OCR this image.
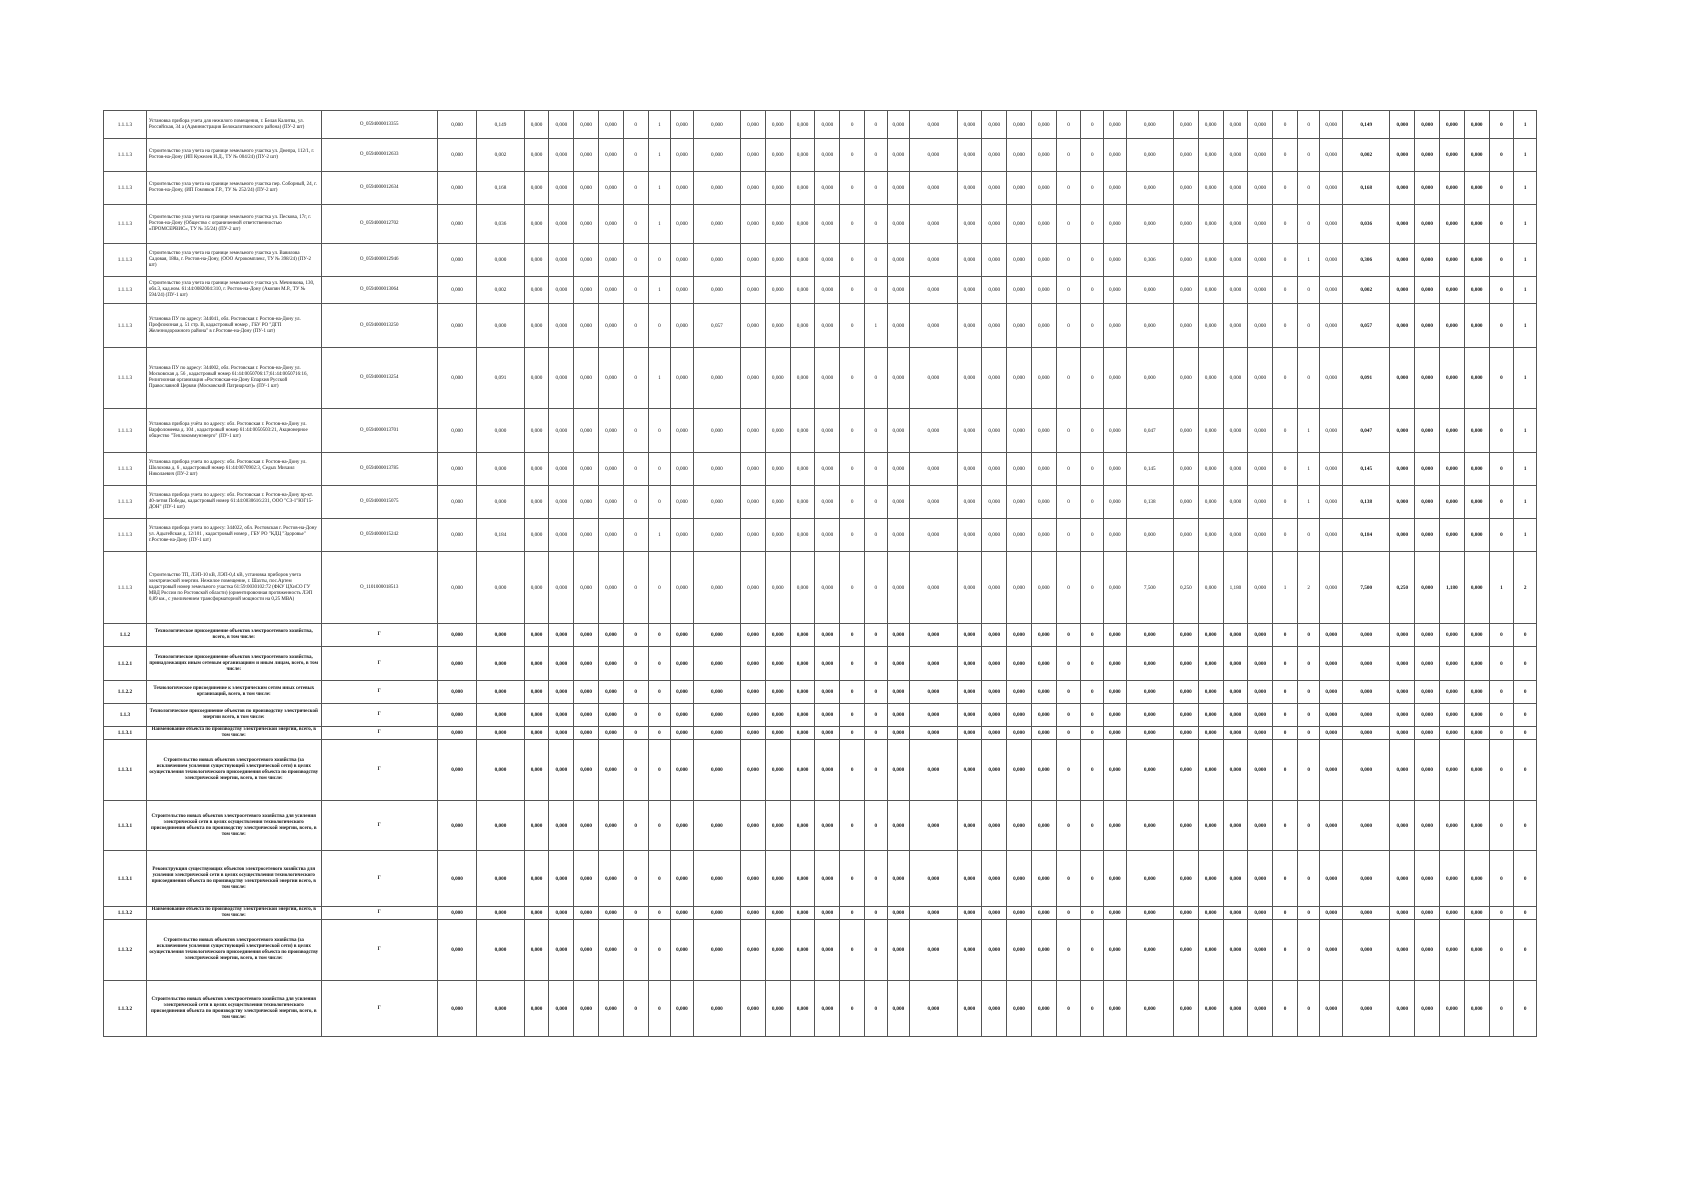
1.1.1.3	Установка прибора учета для нежилого помещения, г. Белая Калитва, ул. Российская, 34 а (Администрация Белокалитвинского района) (ПУ-2 шт)	O_0594000013355	0,000	0,149	0,000	0,000	0,000	0,000	0	1	0,000	0,000	0,000	0,000	0,000	0,000	0	0	0,000	0,000	0,000	0,000	0,000	0,000	0	0	0,000	0,000	0,000	0,000	0,000	0,000	0	0	0,000	0,149	0,000	0,000	0,000	0,000	0	1
1.1.1.3	Строительство узла учета на границе земельного участка ул. Днепра, 112/1, г. Ростов-на-Дону (ИП Кужелев И.Д., ТУ № 004/24) (ПУ-2 шт)	O_0594000012633	0,000	0,002	0,000	0,000	0,000	0,000	0	1	0,000	0,000	0,000	0,000	0,000	0,000	0	0	0,000	0,000	0,000	0,000	0,000	0,000	0	0	0,000	0,000	0,000	0,000	0,000	0,000	0	0	0,000	0,002	0,000	0,000	0,000	0,000	0	1
1.1.1.3	Строительство узла учета на границе земельного участка пер. Соборный, 24, г. Ростов-на-Дону, (ИП Гомзяков Г.Р., ТУ № 252/24) (ПУ-2 шт)	O_0594000012634	0,000	0,168	0,000	0,000	0,000	0,000	0	1	0,000	0,000	0,000	0,000	0,000	0,000	0	0	0,000	0,000	0,000	0,000	0,000	0,000	0	0	0,000	0,000	0,000	0,000	0,000	0,000	0	0	0,000	0,168	0,000	0,000	0,000	0,000	0	1
1.1.1.3	Строительство узла учета на границе земельного участка ул. Пескова, 17г, г. Ростов-на-Дону (Общество с ограниченной ответственностью «ПРОМСЕРВИС», ТУ № 35/24) (ПУ-2 шт)	O_0594000012702	0,000	0,036	0,000	0,000	0,000	0,000	0	1	0,000	0,000	0,000	0,000	0,000	0,000	0	0	0,000	0,000	0,000	0,000	0,000	0,000	0	0	0,000	0,000	0,000	0,000	0,000	0,000	0	0	0,000	0,036	0,000	0,000	0,000	0,000	0	1
1.1.1.3	Строительство узла учета на границе земельного участка ул. Вавилова Садовая, 188а, г. Ростов-на-Дону, (ООО Агрокомплекс, ТУ № 398/24) (ПУ-2 шт)	O_0594000012946	0,000	0,000	0,000	0,000	0,000	0,000	0	0	0,000	0,000	0,000	0,000	0,000	0,000	0	0	0,000	0,000	0,000	0,000	0,000	0,000	0	0	0,000	0,306	0,000	0,000	0,000	0,000	0	1	0,000	0,306	0,000	0,000	0,000	0,000	0	1
1.1.1.3	Строительство узла учета на границе земельного участка ул. Мечникова, 130, обл.3, кад.ном. 61:44:0082004:310, г. Ростов-на-Дону (Акопян М.Р., ТУ № 594/24) (ПУ-1 шт)	O_0594000013064	0,000	0,002	0,000	0,000	0,000	0,000	0	1	0,000	0,000	0,000	0,000	0,000	0,000	0	0	0,000	0,000	0,000	0,000	0,000	0,000	0	0	0,000	0,000	0,000	0,000	0,000	0,000	0	0	0,000	0,002	0,000	0,000	0,000	0,000	0	1
1.1.1.3	Установка ПУ по адресу: 344041, обл. Ростовская г. Ростов-на-Дону ул. Профсоюзная д. 51 стр. В, кадастровый номер , ГБУ РО "ДГП Железнодорожного района" в г.Ростове-на-Дону (ПУ-1 шт)	O_0594000013250	0,000	0,000	0,000	0,000	0,000	0,000	0	0	0,000	0,057	0,000	0,000	0,000	0,000	0	1	0,000	0,000	0,000	0,000	0,000	0,000	0	0	0,000	0,000	0,000	0,000	0,000	0,000	0	0	0,000	0,057	0,000	0,000	0,000	0,000	0	1
1.1.1.3	Установка ПУ по адресу: 344002, обл. Ростовская г. Ростов-на-Дону ул. Московская д. 56 , кадастровый номер 61:44:0050706:17;61:44:0050716:16, Религиозная организация «Ростовская-на-Дону Епархия Русской Православной Церкви (Московский Патриархат)» (ПУ-1 шт)	O_0594000013254	0,000	0,091	0,000	0,000	0,000	0,000	0	1	0,000	0,000	0,000	0,000	0,000	0,000	0	0	0,000	0,000	0,000	0,000	0,000	0,000	0	0	0,000	0,000	0,000	0,000	0,000	0,000	0	0	0,000	0,091	0,000	0,000	0,000	0,000	0	1
1.1.1.3	Установка прибора учёта по адресу: обл. Ростовская г. Ростов-на-Дону ул. Варфоломеева д. 104 , кадастровый номер 61:44:0050503:21, Акционерное общество "Теплокоммунэнерго" (ПУ-1 шт)	O_0594000013701	0,000	0,000	0,000	0,000	0,000	0,000	0	0	0,000	0,000	0,000	0,000	0,000	0,000	0	0	0,000	0,000	0,000	0,000	0,000	0,000	0	0	0,000	0,047	0,000	0,000	0,000	0,000	0	1	0,000	0,047	0,000	0,000	0,000	0,000	0	1
1.1.1.3	Установка прибора учета по адресу: обл. Ростовская г. Ростов-на-Дону ул. Шолохова д. 6 , кадастровый номер 61:44:0070902:3, Седых Михаил Николаевич (ПУ-2 шт)	O_0594000013785	0,000	0,000	0,000	0,000	0,000	0,000	0	0	0,000	0,000	0,000	0,000	0,000	0,000	0	0	0,000	0,000	0,000	0,000	0,000	0,000	0	0	0,000	0,145	0,000	0,000	0,000	0,000	0	1	0,000	0,145	0,000	0,000	0,000	0,000	0	1
1.1.1.3	Установка прибора учета по адресу: обл. Ростовская г. Ростов-на-Дону пр-кт. 40-летия Победы, кадастровый номер 61:44:0030616:231, ООО "СЗ-1"ЮГ15-ДОН" (ПУ-1 шт)	O_0594000015075	0,000	0,000	0,000	0,000	0,000	0,000	0	0	0,000	0,000	0,000	0,000	0,000	0,000	0	0	0,000	0,000	0,000	0,000	0,000	0,000	0	0	0,000	0,138	0,000	0,000	0,000	0,000	0	1	0,000	0,138	0,000	0,000	0,000	0,000	0	1
1.1.1.3	Установка прибора учета по адресу: 344022, обл. Ростовская г. Ростов-на-Дону ул. Адыгейская д. 12/101 , кадастровый номер , ГБУ РО "КДЦ "Здоровье" г.Ростове-на-Дону (ПУ-1 шт)	O_0594000015242	0,000	0,184	0,000	0,000	0,000	0,000	0	1	0,000	0,000	0,000	0,000	0,000	0,000	0	0	0,000	0,000	0,000	0,000	0,000	0,000	0	0	0,000	0,000	0,000	0,000	0,000	0,000	0	0	0,000	0,184	0,000	0,000	0,000	0,000	0	1
1.1.1.3	Строительство ТП, ЛЭП-10 кВ, ЛЭП-0,4 кВ, установка приборов учета электрической энергии. Нежилое помещение, г. Шахты, пос.Артем кадастровый номер земельного участка 61:59:0030102:72 (ФКУ ЦХиСО ГУ МВД России по Ростовской области) (ориентировочная протяженность ЛЭП 0,89 км., с увеличением трансформаторной мощности на 0,25 МВА)	O_1101000018513	0,000	0,000	0,000	0,000	0,000	0,000	0	0	0,000	0,000	0,000	0,000	0,000	0,000	0	0	0,000	0,000	0,000	0,000	0,000	0,000	0	0	0,000	7,500	0,250	0,000	1,180	0,000	1	2	0,000	7,500	0,250	0,000	1,180	0,000	1	2
1.1.2	Технологическое присоединение объектов электросетевого хозяйства, всего, в том числе:	Г	0,000	0,000	0,000	0,000	0,000	0,000	0	0	0,000	0,000	0,000	0,000	0,000	0,000	0	0	0,000	0,000	0,000	0,000	0,000	0,000	0	0	0,000	0,000	0,000	0,000	0,000	0,000	0	0	0,000	0,000	0,000	0,000	0,000	0,000	0	0
1.1.2.1	Технологическое присоединение объектов электросетевого хозяйства, принадлежащих иным сетевым организациям и иным лицам, всего, в том числе:	Г	0,000	0,000	0,000	0,000	0,000	0,000	0	0	0,000	0,000	0,000	0,000	0,000	0,000	0	0	0,000	0,000	0,000	0,000	0,000	0,000	0	0	0,000	0,000	0,000	0,000	0,000	0,000	0	0	0,000	0,000	0,000	0,000	0,000	0,000	0	0
1.1.2.2	Технологическое присоединение к электрическим сетям иных сетевых организаций, всего, в том числе:	Г	0,000	0,000	0,000	0,000	0,000	0,000	0	0	0,000	0,000	0,000	0,000	0,000	0,000	0	0	0,000	0,000	0,000	0,000	0,000	0,000	0	0	0,000	0,000	0,000	0,000	0,000	0,000	0	0	0,000	0,000	0,000	0,000	0,000	0,000	0	0
1.1.3	Технологическое присоединение объектов по производству электрической энергии всего, в том числе:	Г	0,000	0,000	0,000	0,000	0,000	0,000	0	0	0,000	0,000	0,000	0,000	0,000	0,000	0	0	0,000	0,000	0,000	0,000	0,000	0,000	0	0	0,000	0,000	0,000	0,000	0,000	0,000	0	0	0,000	0,000	0,000	0,000	0,000	0,000	0	0
1.1.3.1	Наименование объекта по производству электрической энергии, всего, в том числе:	Г	0,000	0,000	0,000	0,000	0,000	0,000	0	0	0,000	0,000	0,000	0,000	0,000	0,000	0	0	0,000	0,000	0,000	0,000	0,000	0,000	0	0	0,000	0,000	0,000	0,000	0,000	0,000	0	0	0,000	0,000	0,000	0,000	0,000	0,000	0	0
1.1.3.1	Строительство новых объектов электросетевого хозяйства (за исключением усиления существующей электрической сети) в целях осуществления технологического присоединения объекта по производству электрической энергии, всего, в том числе:	Г	0,000	0,000	0,000	0,000	0,000	0,000	0	0	0,000	0,000	0,000	0,000	0,000	0,000	0	0	0,000	0,000	0,000	0,000	0,000	0,000	0	0	0,000	0,000	0,000	0,000	0,000	0,000	0	0	0,000	0,000	0,000	0,000	0,000	0,000	0	0
1.1.3.1	Строительство новых объектов электросетевого хозяйства для усиления электрической сети в целях осуществления технологического присоединения объекта по производству электрической энергии, всего, в том числе:	Г	0,000	0,000	0,000	0,000	0,000	0,000	0	0	0,000	0,000	0,000	0,000	0,000	0,000	0	0	0,000	0,000	0,000	0,000	0,000	0,000	0	0	0,000	0,000	0,000	0,000	0,000	0,000	0	0	0,000	0,000	0,000	0,000	0,000	0,000	0	0
1.1.3.1	Реконструкция существующих объектов электросетевого хозяйства для усиления электрической сети в целях осуществления технологического присоединения объекта по производству электрической энергии всего, в том числе:	Г	0,000	0,000	0,000	0,000	0,000	0,000	0	0	0,000	0,000	0,000	0,000	0,000	0,000	0	0	0,000	0,000	0,000	0,000	0,000	0,000	0	0	0,000	0,000	0,000	0,000	0,000	0,000	0	0	0,000	0,000	0,000	0,000	0,000	0,000	0	0
1.1.3.2	Наименование объекта по производству электрической энергии, всего, в том числе:	Г	0,000	0,000	0,000	0,000	0,000	0,000	0	0	0,000	0,000	0,000	0,000	0,000	0,000	0	0	0,000	0,000	0,000	0,000	0,000	0,000	0	0	0,000	0,000	0,000	0,000	0,000	0,000	0	0	0,000	0,000	0,000	0,000	0,000	0,000	0	0
1.1.3.2	Строительство новых объектов электросетевого хозяйства (за исключением усиления существующей электрической сети) в целях осуществления технологического присоединения объекта по производству электрической энергии, всего, в том числе:	Г	0,000	0,000	0,000	0,000	0,000	0,000	0	0	0,000	0,000	0,000	0,000	0,000	0,000	0	0	0,000	0,000	0,000	0,000	0,000	0,000	0	0	0,000	0,000	0,000	0,000	0,000	0,000	0	0	0,000	0,000	0,000	0,000	0,000	0,000	0	0
1.1.3.2	Строительство новых объектов электросетевого хозяйства для усиления электрической сети в целях осуществления технологического присоединения объекта по производству электрической энергии, всего, в том числе:	Г	0,000	0,000	0,000	0,000	0,000	0,000	0	0	0,000	0,000	0,000	0,000	0,000	0,000	0	0	0,000	0,000	0,000	0,000	0,000	0,000	0	0	0,000	0,000	0,000	0,000	0,000	0,000	0	0	0,000	0,000	0,000	0,000	0,000	0,000	0	0
